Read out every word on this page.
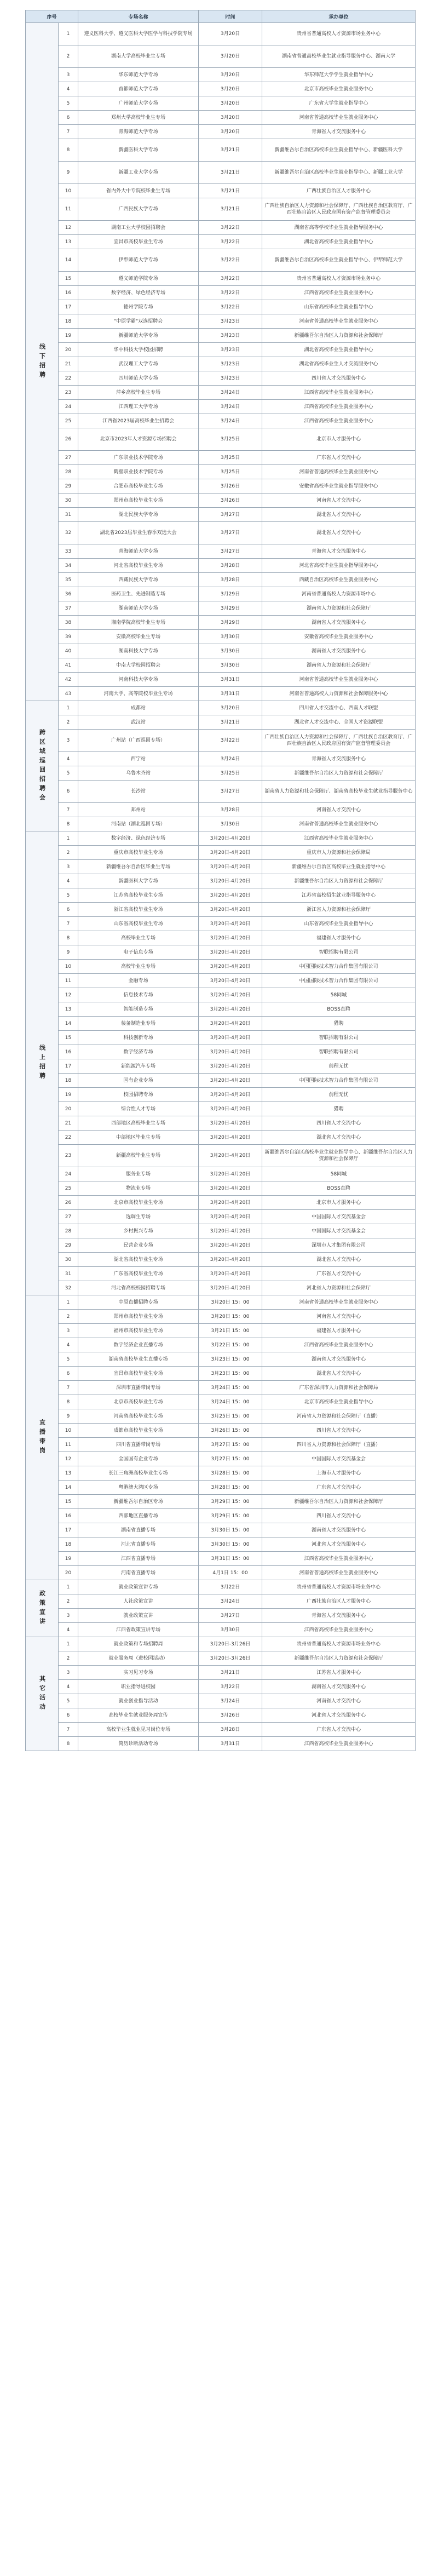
序号		专场名称	时间	承办单位
线下招聘	1	遵义医科大学、遵义医科大学医学与科技学院专场	3月20日	贵州省普通高校人才资源市场业务中心
	2	湖南大学高校毕业生专场	3月20日	湖南省普通高校毕业生就业指导服务中心、湖南大学
	3	华东师范大学专场	3月20日	华东师范大学学生就业指导中心
	4	首都师范大学专场	3月20日	北京市高校毕业生就业服务中心
	5	广州师范大学专场	3月20日	广东省大学生就业指导中心
	6	郑州大学高校毕业生专场	3月20日	河南省普通高校毕业生就业服务中心
	7	青海师范大学专场	3月20日	青海省人才交流服务中心
	8	新疆医科大学专场	3月21日	新疆维吾尔自治区高校毕业生就业指导中心、新疆医科大学
	9	新疆工业大学专场	3月21日	新疆维吾尔自治区高校毕业生就业指导中心、新疆工业大学
	10	省内外大中专院校毕业生专场	3月21日	广西壮族自治区人才服务中心
	11	广西民族大学专场	3月21日	广西壮族自治区人力资源和社会保障厅、广西壮族自治区教育厅、广西壮族自治区人民政府国有资产监督管理委员会
	12	湖南工业大学校园招聘会	3月22日	湖南省高等学校毕业生就业指导服务中心
	13	宜昌市高校毕业生专场	3月22日	湖北省高校毕业生就业指导中心
	14	伊犁师范大学专场	3月22日	新疆维吾尔自治区高校毕业生就业指导中心、伊犁师范大学
	15	遵义师范学院专场	3月22日	贵州省普通高校人才资源市场业务中心
	16	数字经济、绿色经济专场	3月22日	江西省高校毕业生就业服务中心
	17	德州学院专场	3月22日	山东省高校毕业生就业指导中心
	18	"中原学霸"双选招聘会	3月23日	河南省普通高校毕业生就业服务中心
	19	新疆师范大学专场	3月23日	新疆维吾尔自治区人力资源和社会保障厅
	20	华中科技大学校园招聘	3月23日	湖北省高校毕业生就业指导中心
	21	武汉理工大学专场	3月23日	湖北省高校毕业生人才交流服务中心
	22	四川师范大学专场	3月23日	四川省人才交流服务中心
	23	萍乡高校毕业生专场	3月24日	江西省高校毕业生就业服务中心
	24	江西理工大学专场	3月24日	江西省高校毕业生就业服务中心
	25	江西省2023届高校毕业生招聘会	3月24日	江西省高校毕业生就业服务中心
	26	北京市2023年人才资源专场招聘会	3月25日	北京市人才服务中心
	27	广东职业技术学院专场	3月25日	广东省人才交流中心
	28	鹤壁职业技术学院专场	3月25日	河南省普通高校毕业生就业服务中心
	29	合肥市高校毕业生专场	3月26日	安徽省高校毕业生就业指导服务中心
	30	郑州市高校毕业生专场	3月26日	河南省人才交流中心
	31	湖北民族大学专场	3月27日	湖北省人才交流中心
	32	湖北省2023届毕业生春季双选大会	3月27日	湖北省人才交流中心
	33	青海师范大学专场	3月27日	青海省人才交流服务中心
	34	河北省高校毕业生专场	3月28日	河北省高校毕业生就业指导服务中心
	35	西藏民族大学专场	3月28日	西藏自治区高校毕业生就业服务中心
	36	医药卫生、先进制造专场	3月29日	河南省普通高校人力资源市场中心
	37	湖南师范大学专场	3月29日	湖南省人力资源和社会保障厅
	38	湘南学院高校毕业生专场	3月29日	湖南省人才交流服务中心
	39	安徽高校毕业生专场	3月30日	安徽省高校毕业生就业服务中心
	40	湖南科技大学专场	3月30日	湖南省人才交流服务中心
	41	中南大学校园招聘会	3月30日	湖南省人力资源和社会保障厅
	42	河南科技大学专场	3月31日	河南省普通高校毕业生就业服务中心
	43	河南大学、高等院校毕业生专场	3月31日	河南省普通高校人力资源和社会保障服务中心
跨区域巡回招聘会	1	成都站	3月20日	四川省人才交流中心、西南人才联盟
	2	武汉站	3月21日	湖北省人才交流中心、全国人才资源联盟
	3	广州站（广西巡回专场）	3月22日	广西壮族自治区人力资源和社会保障厅、广西壮族自治区教育厅、广西壮族自治区人民政府国有资产监督管理委员会
	4	西宁站	3月24日	青海省人才交流服务中心
	5	乌鲁木齐站	3月25日	新疆维吾尔自治区人力资源和社会保障厅
	6	长沙站	3月27日	湖南省人力资源和社会保障厅、湖南省高校毕业生就业指导服务中心
	7	郑州站	3月28日	河南省人才交流中心
	8	河南站（湖北巡回专场）	3月30日	河南省普通高校毕业生就业服务中心
线上招聘	1	数字经济、绿色经济专场	3月20日-4月20日	江西省高校毕业生就业服务中心
	2	重庆市高校毕业生专场	3月20日-4月20日	重庆市人力资源和社会保障局
	3	新疆维吾尔自治区毕业生专场	3月20日-4月20日	新疆维吾尔自治区高校毕业生就业指导中心
	4	新疆医科大学专场	3月20日-4月20日	新疆维吾尔自治区人力资源和社会保障厅
	5	江苏省高校毕业生专场	3月20日-4月20日	江苏省高校招生就业指导服务中心
	6	浙江省高校毕业生专场	3月20日-4月20日	浙江省人力资源和社会保障厅
	7	山东省高校毕业生专场	3月20日-4月20日	山东省高校毕业生就业指导中心
	8	高校毕业生专场	3月20日-4月20日	福建省人才服务中心
	9	电子信息专场	3月20日-4月20日	智联招聘有限公司
	10	高校毕业生专场	3月20日-4月20日	中国国际技术智力合作集团有限公司
	11	金融专场	3月20日-4月20日	中国国际技术智力合作集团有限公司
	12	信息技术专场	3月20日-4月20日	58同城
	13	智能制造专场	3月20日-4月20日	BOSS直聘
	14	装备制造业专场	3月20日-4月20日	猎聘
	15	科技创新专场	3月20日-4月20日	智联招聘有限公司
	16	数字经济专场	3月20日-4月20日	智联招聘有限公司
	17	新能源汽车专场	3月20日-4月20日	前程无忧
	18	国有企业专场	3月20日-4月20日	中国国际技术智力合作集团有限公司
	19	校园招聘专场	3月20日-4月20日	前程无忧
	20	综合性人才专场	3月20日-4月20日	猎聘
	21	西部地区高校毕业生专场	3月20日-4月20日	四川省人才交流中心
	22	中部地区毕业生专场	3月20日-4月20日	湖北省人才交流中心
	23	新疆高校毕业生专场	3月20日-4月20日	新疆维吾尔自治区高校毕业生就业指导中心、新疆维吾尔自治区人力资源和社会保障厅
	24	服务业专场	3月20日-4月20日	58同城
	25	物流业专场	3月20日-4月20日	BOSS直聘
	26	北京市高校毕业生专场	3月20日-4月20日	北京市人才服务中心
	27	选调生专场	3月20日-4月20日	中国国际人才交流基金会
	28	乡村振兴专场	3月20日-4月20日	中国国际人才交流基金会
	29	民营企业专场	3月20日-4月20日	深圳市人才集团有限公司
	30	湖北省高校毕业生专场	3月20日-4月20日	湖北省人才交流中心
	31	广东省高校毕业生专场	3月20日-4月20日	广东省人才交流中心
	32	河北省高校校园招聘专场	3月20日-4月20日	河北省人力资源和社会保障厅
直播带岗	1	中原直播招聘专场	3月20日 15：00	河南省普通高校毕业生就业服务中心
	2	郑州市高校毕业生专场	3月20日 15：00	河南省人才交流中心
	3	福州市高校毕业生专场	3月21日 15：00	福建省人才服务中心
	4	数字经济企业直播专场	3月22日 15：00	江西省高校毕业生就业服务中心
	5	湖南省高校毕业生直播专场	3月23日 15：00	湖南省人才交流服务中心
	6	宜昌市高校毕业生专场	3月23日 15：00	湖北省人才交流中心
	7	深圳市直播带岗专场	3月24日 15：00	广东省深圳市人力资源和社会保障局
	8	北京市高校毕业生专场	3月24日 15：00	北京市高校毕业生就业指导中心
	9	河南省高校毕业生专场	3月25日 15：00	河南省人力资源和社会保障厅（直播）
	10	成都市高校毕业生专场	3月26日 15：00	四川省人才交流中心
	11	四川省直播带岗专场	3月27日 15：00	四川省人力资源和社会保障厅（直播）
	12	全国国有企业专场	3月27日 15：00	中国国际人才交流基金会
	13	长江三角洲高校毕业生专场	3月28日 15：00	上海市人才服务中心
	14	粤港澳大湾区专场	3月28日 15：00	广东省人才交流中心
	15	新疆维吾尔自治区专场	3月29日 15：00	新疆维吾尔自治区人力资源和社会保障厅
	16	西部地区直播专场	3月29日 15：00	四川省人才交流中心
	17	湖南省直播专场	3月30日 15：00	湖南省人才交流服务中心
	18	河北省直播专场	3月30日 15：00	河北省人才交流服务中心
	19	江西省直播专场	3月31日 15：00	江西省高校毕业生就业服务中心
	20	河南省直播专场	4月1日 15：00	河南省普通高校毕业生就业服务中心
政策宣讲	1	就业政策宣讲专场	3月22日	贵州省普通高校人才资源市场业务中心
	2	人社政策宣讲	3月24日	广西壮族自治区人才服务中心
	3	就业政策宣讲	3月27日	青海省人才交流服务中心
	4	江西省政策宣讲专场	3月30日	江西省高校毕业生就业服务中心
其它活动	1	就业政策和专场招聘周	3月20日-3月26日	贵州省普通高校人才资源市场业务中心
	2	就业服务周（进校园活动）	3月20日-3月26日	新疆维吾尔自治区人力资源和社会保障厅
	3	实习见习专场	3月21日	江苏省人才服务中心
	4	职业指导进校园	3月22日	湖南省人才交流服务中心
	5	就业创业指导活动	3月24日	河南省人才交流中心
	6	高校毕业生就业服务周宣传	3月26日	河北省人才交流服务中心
	7	高校毕业生就业见习岗位专场	3月28日	广东省人才交流中心
	8	简历诊断活动专场	3月31日	江西省高校毕业生就业服务中心
